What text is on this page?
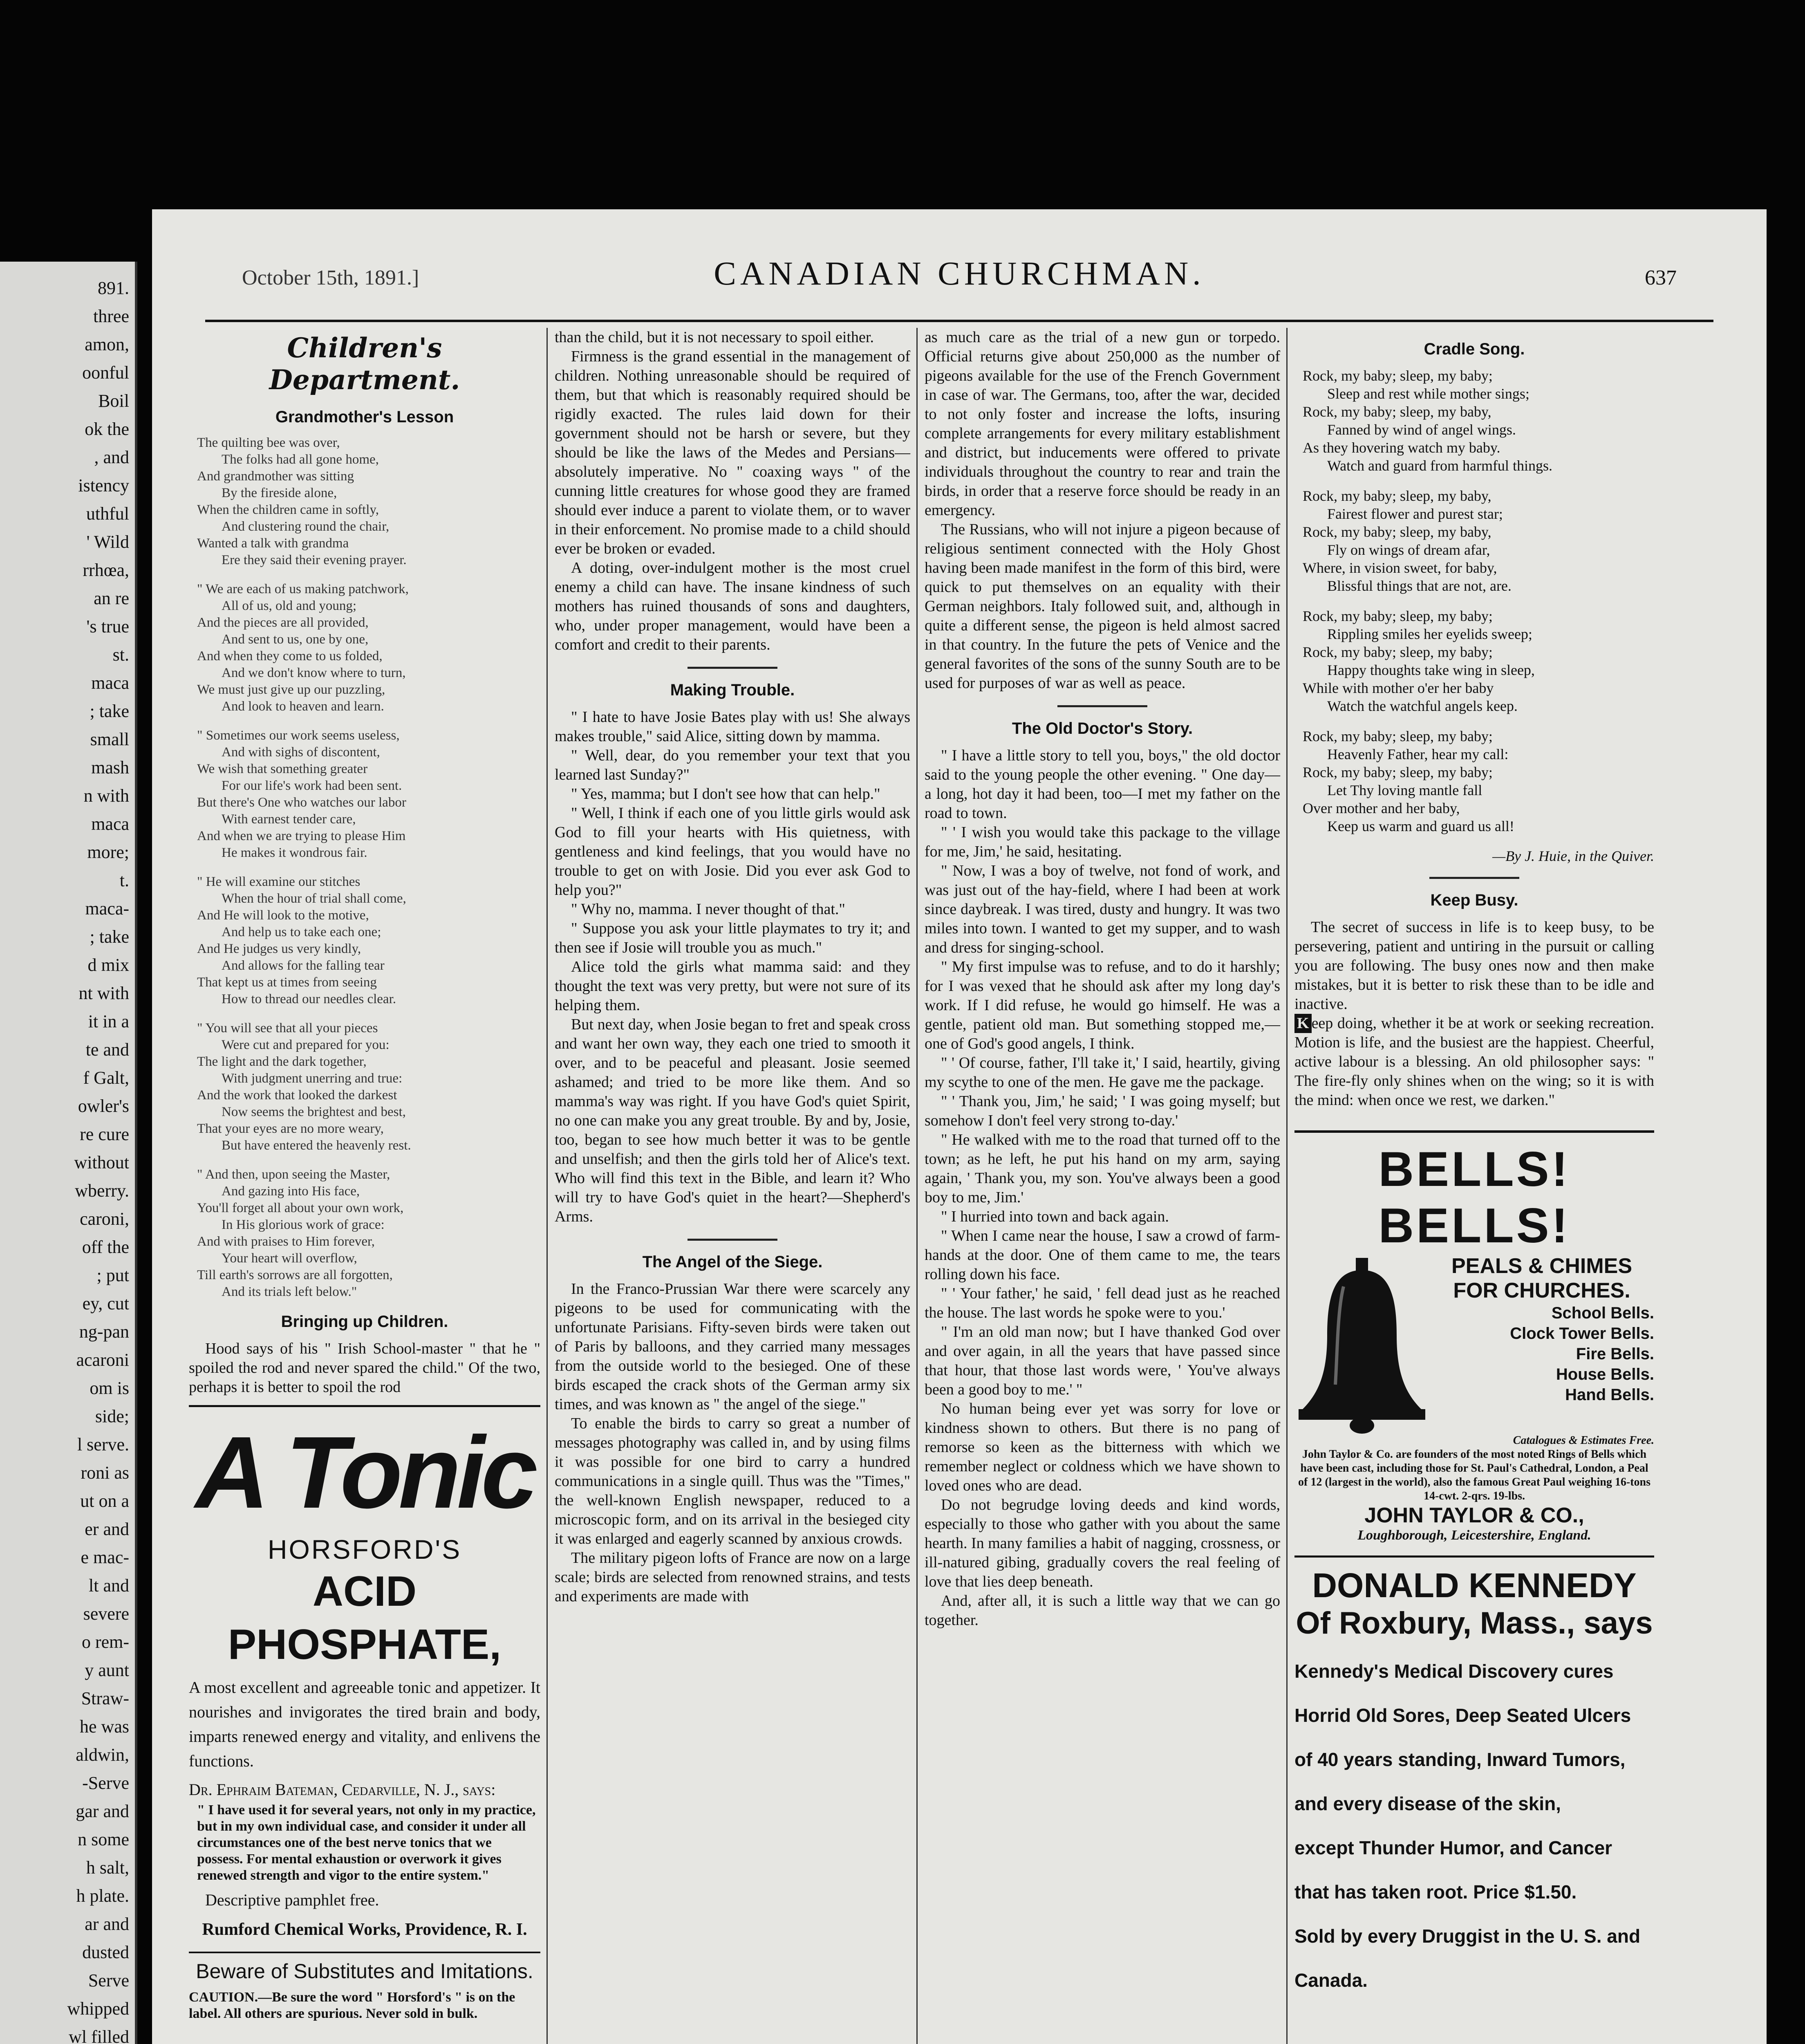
891.
three
amon,
oonful
Boil
ok the
, and
istency
uthful
' Wild
rrhœa,
an re
's true
st.
maca
; take
small
mash
n with
maca
more;
t.
maca-
; take
d mix
nt with
it in a
te and
f Galt,
owler's
re cure
without
wberry.
caroni,
off the
; put
ey, cut
ng-pan
acaroni
om is
side;
l serve.
roni as
ut on a
er and
e mac-
lt and
severe
o rem-
y aunt
Straw-
he was
aldwin,
-Serve
gar and
n some
h salt,
h plate.
ar and
dusted
Serve
whipped
wl filled
October 15th, 1891.]	CANADIAN CHURCHMAN.	637
Children's Department.
Grandmother's Lesson
The quilting bee was over,
The folks had all gone home,
And grandmother was sitting
By the fireside alone,
When the children came in softly,
And clustering round the chair,
Wanted a talk with grandma
Ere they said their evening prayer.
" We are each of us making patchwork,
All of us, old and young;
And the pieces are all provided,
And sent to us, one by one,
And when they come to us folded,
And we don't know where to turn,
We must just give up our puzzling,
And look to heaven and learn.
" Sometimes our work seems useless,
And with sighs of discontent,
We wish that something greater
For our life's work had been sent.
But there's One who watches our labor
With earnest tender care,
And when we are trying to please Him
He makes it wondrous fair.
" He will examine our stitches
When the hour of trial shall come,
And He will look to the motive,
And help us to take each one;
And He judges us very kindly,
And allows for the falling tear
That kept us at times from seeing
How to thread our needles clear.
" You will see that all your pieces
Were cut and prepared for you:
The light and the dark together,
With judgment unerring and true:
And the work that looked the darkest
Now seems the brightest and best,
That your eyes are no more weary,
But have entered the heavenly rest.
" And then, upon seeing the Master,
And gazing into His face,
You'll forget all about your own work,
In His glorious work of grace:
And with praises to Him forever,
Your heart will overflow,
Till earth's sorrows are all forgotten,
And its trials left below."
Bringing up Children.

Hood says of his " Irish School-master " that he " spoiled the rod and never spared the child." Of the two, perhaps it is better to spoil the rod

A Tonic
HORSFORD'S
ACID PHOSPHATE,
A most excellent and agreeable tonic and appetizer. It nourishes and invigorates the tired brain and body, imparts renewed energy and vitality, and enlivens the functions.
Dr. Ephraim Bateman, Cedarville, N. J., says:
" I have used it for several years, not only in my practice, but in my own individual case, and consider it under all circumstances one of the best nerve tonics that we possess. For mental exhaustion or overwork it gives renewed strength and vigor to the entire system."
Descriptive pamphlet free.
Rumford Chemical Works, Providence, R. I.
Beware of Substitutes and Imitations.
CAUTION.—Be sure the word " Horsford's " is on the label. All others are spurious. Never sold in bulk.

than the child, but it is not necessary to spoil either.

Firmness is the grand essential in the management of children. Nothing unreasonable should be required of them, but that which is reasonably required should be rigidly exacted. The rules laid down for their government should not be harsh or severe, but they should be like the laws of the Medes and Persians—absolutely imperative. No " coaxing ways " of the cunning little creatures for whose good they are framed should ever induce a parent to violate them, or to waver in their enforcement. No promise made to a child should ever be broken or evaded.

A doting, over-indulgent mother is the most cruel enemy a child can have. The insane kindness of such mothers has ruined thousands of sons and daughters, who, under proper management, would have been a comfort and credit to their parents.

Making Trouble.

" I hate to have Josie Bates play with us! She always makes trouble," said Alice, sitting down by mamma.

" Well, dear, do you remember your text that you learned last Sunday?"

" Yes, mamma; but I don't see how that can help."

" Well, I think if each one of you little girls would ask God to fill your hearts with His quietness, with gentleness and kind feelings, that you would have no trouble to get on with Josie. Did you ever ask God to help you?"

" Why no, mamma. I never thought of that."

" Suppose you ask your little playmates to try it; and then see if Josie will trouble you as much."

Alice told the girls what mamma said: and they thought the text was very pretty, but were not sure of its helping them.

But next day, when Josie began to fret and speak cross and want her own way, they each one tried to smooth it over, and to be peaceful and pleasant. Josie seemed ashamed; and tried to be more like them. And so mamma's way was right. If you have God's quiet Spirit, no one can make you any great trouble. By and by, Josie, too, began to see how much better it was to be gentle and unselfish; and then the girls told her of Alice's text. Who will find this text in the Bible, and learn it? Who will try to have God's quiet in the heart?—Shepherd's Arms.

The Angel of the Siege.

In the Franco-Prussian War there were scarcely any pigeons to be used for communicating with the unfortunate Parisians. Fifty-seven birds were taken out of Paris by balloons, and they carried many messages from the outside world to the besieged. One of these birds escaped the crack shots of the German army six times, and was known as " the angel of the siege."

To enable the birds to carry so great a number of messages photography was called in, and by using films it was possible for one bird to carry a hundred communications in a single quill. Thus was the "Times," the well-known English newspaper, reduced to a microscopic form, and on its arrival in the besieged city it was enlarged and eagerly scanned by anxious crowds.

The military pigeon lofts of France are now on a large scale; birds are selected from renowned strains, and tests and experiments are made with

as much care as the trial of a new gun or torpedo. Official returns give about 250,000 as the number of pigeons available for the use of the French Government in case of war. The Germans, too, after the war, decided to not only foster and increase the lofts, insuring complete arrangements for every military establishment and district, but inducements were offered to private individuals throughout the country to rear and train the birds, in order that a reserve force should be ready in an emergency.

The Russians, who will not injure a pigeon because of religious sentiment connected with the Holy Ghost having been made manifest in the form of this bird, were quick to put themselves on an equality with their German neighbors. Italy followed suit, and, although in quite a different sense, the pigeon is held almost sacred in that country. In the future the pets of Venice and the general favorites of the sons of the sunny South are to be used for purposes of war as well as peace.

The Old Doctor's Story.

" I have a little story to tell you, boys," the old doctor said to the young people the other evening. " One day—a long, hot day it had been, too—I met my father on the road to town.

" ' I wish you would take this package to the village for me, Jim,' he said, hesitating.

" Now, I was a boy of twelve, not fond of work, and was just out of the hay-field, where I had been at work since daybreak. I was tired, dusty and hungry. It was two miles into town. I wanted to get my supper, and to wash and dress for singing-school.

" My first impulse was to refuse, and to do it harshly; for I was vexed that he should ask after my long day's work. If I did refuse, he would go himself. He was a gentle, patient old man. But something stopped me,—one of God's good angels, I think.

" ' Of course, father, I'll take it,' I said, heartily, giving my scythe to one of the men. He gave me the package.

" ' Thank you, Jim,' he said; ' I was going myself; but somehow I don't feel very strong to-day.'

" He walked with me to the road that turned off to the town; as he left, he put his hand on my arm, saying again, ' Thank you, my son. You've always been a good boy to me, Jim.'

" I hurried into town and back again.

" When I came near the house, I saw a crowd of farm-hands at the door. One of them came to me, the tears rolling down his face.

" ' Your father,' he said, ' fell dead just as he reached the house. The last words he spoke were to you.'

" I'm an old man now; but I have thanked God over and over again, in all the years that have passed since that hour, that those last words were, ' You've always been a good boy to me.' "

No human being ever yet was sorry for love or kindness shown to others. But there is no pang of remorse so keen as the bitterness with which we remember neglect or coldness which we have shown to loved ones who are dead.

Do not begrudge loving deeds and kind words, especially to those who gather with you about the same hearth. In many families a habit of nagging, crossness, or ill-natured gibing, gradually covers the real feeling of love that lies deep beneath.

And, after all, it is such a little way that we can go together.

Cradle Song.
Rock, my baby; sleep, my baby;
Sleep and rest while mother sings;
Rock, my baby; sleep, my baby,
Fanned by wind of angel wings.
As they hovering watch my baby.
Watch and guard from harmful things.
Rock, my baby; sleep, my baby,
Fairest flower and purest star;
Rock, my baby; sleep, my baby,
Fly on wings of dream afar,
Where, in vision sweet, for baby,
Blissful things that are not, are.
Rock, my baby; sleep, my baby;
Rippling smiles her eyelids sweep;
Rock, my baby; sleep, my baby;
Happy thoughts take wing in sleep,
While with mother o'er her baby
Watch the watchful angels keep.
Rock, my baby; sleep, my baby;
Heavenly Father, hear my call:
Rock, my baby; sleep, my baby;
Let Thy loving mantle fall
Over mother and her baby,
Keep us warm and guard us all!
—By J. Huie, in the Quiver.
Keep Busy.

The secret of success in life is to keep busy, to be persevering, patient and untiring in the pursuit or calling you are following. The busy ones now and then make mistakes, but it is better to risk these than to be idle and inactive.

K eep doing, whether it be at work or seeking recreation. Motion is life, and the busiest are the happiest. Cheerful, active labour is a blessing. An old philosopher says: " The fire-fly only shines when on the wing; so it is with the mind: when once we rest, we darken."

BELLS! BELLS!
PEALS & CHIMES
FOR CHURCHES.
School Bells.
Clock Tower Bells.
Fire Bells.
House Bells.
Hand Bells.
Catalogues & Estimates Free.
John Taylor & Co. are founders of the most noted Rings of Bells which have been cast, including those for St. Paul's Cathedral, London, a Peal of 12 (largest in the world), also the famous Great Paul weighing 16-tons 14-cwt. 2-qrs. 19-lbs.
JOHN TAYLOR & CO.,
Loughborough, Leicestershire, England.
DONALD KENNEDY
Of Roxbury, Mass., says
Kennedy's Medical Discovery cures
Horrid Old Sores, Deep Seated Ulcers
of 40 years standing, Inward Tumors, and every disease of the skin,
except Thunder Humor, and Cancer
that has taken root. Price $1.50.
Sold by every Druggist in the U. S. and Canada.
